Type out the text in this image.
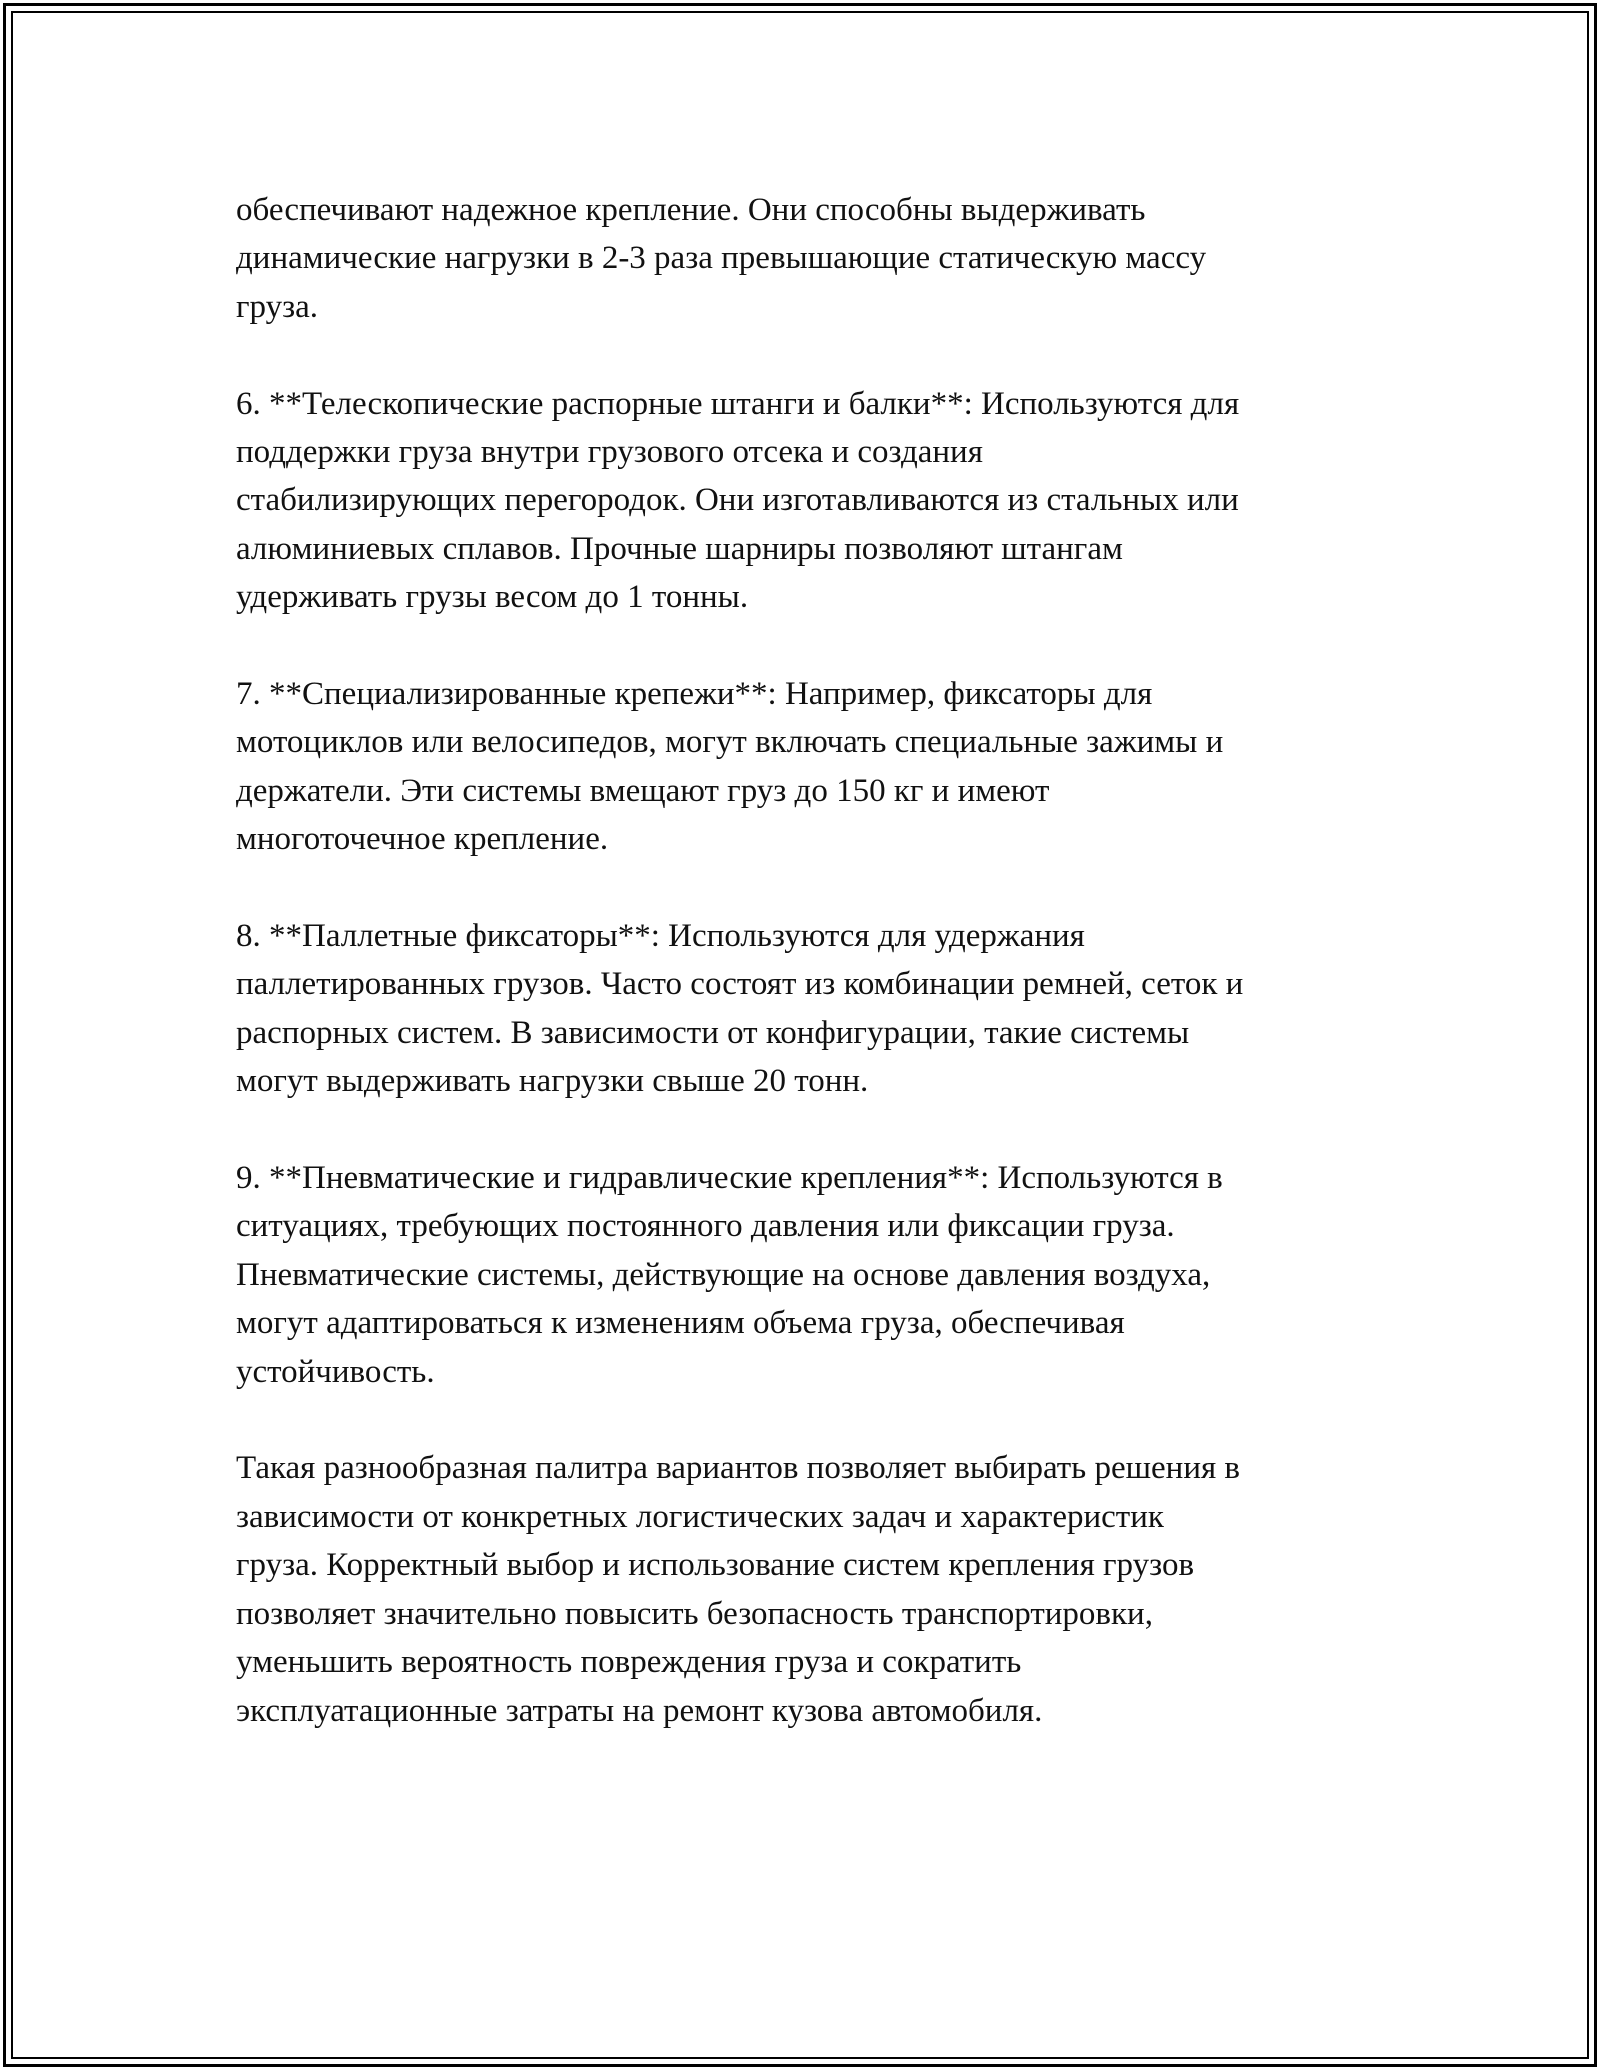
обеспечивают надежное крепление. Они способны выдерживать
динамические нагрузки в 2-3 раза превышающие статическую массу
груза.

6. **Телескопические распорные штанги и балки**: Используются для
поддержки груза внутри грузового отсека и создания
стабилизирующих перегородок. Они изготавливаются из стальных или
алюминиевых сплавов. Прочные шарниры позволяют штангам
удерживать грузы весом до 1 тонны.

7. **Специализированные крепежи**: Например, фиксаторы для
мотоциклов или велосипедов, могут включать специальные зажимы и
держатели. Эти системы вмещают груз до 150 кг и имеют
многоточечное крепление.

8. **Паллетные фиксаторы**: Используются для удержания
паллетированных грузов. Часто состоят из комбинации ремней, сеток и
распорных систем. В зависимости от конфигурации, такие системы
могут выдерживать нагрузки свыше 20 тонн.

9. **Пневматические и гидравлические крепления**: Используются в
ситуациях, требующих постоянного давления или фиксации груза.
Пневматические системы, действующие на основе давления воздуха,
могут адаптироваться к изменениям объема груза, обеспечивая
устойчивость.

Такая разнообразная палитра вариантов позволяет выбирать решения в
зависимости от конкретных логистических задач и характеристик
груза. Корректный выбор и использование систем крепления грузов
позволяет значительно повысить безопасность транспортировки,
уменьшить вероятность повреждения груза и сократить
эксплуатационные затраты на ремонт кузова автомобиля.
